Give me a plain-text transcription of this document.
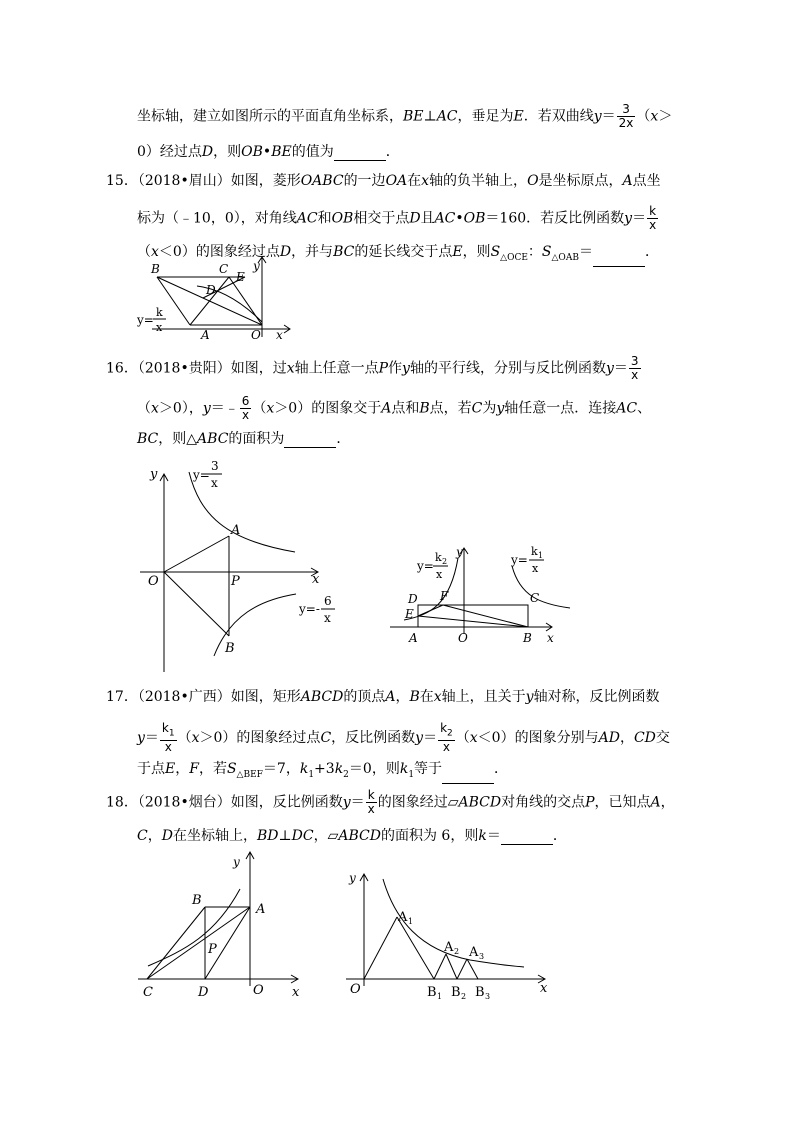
坐标轴，建立如图所示的平面直角坐标系，BE⊥AC，垂足为E．若双曲线$y= \frac{3}{2x} (x>$
0）经过点D，则OB•BE的值为	．
15．（2018•眉山）如图，菱形OABC的一边OA在x轴的负半轴上，O是坐标原点，A点坐
标为（﹣10，0），对角线AC和OB相交于点D且AC•OB＝160．若反比例函数$y= \frac{k}{x}$
（x＜0）的图象经过点D，并与BC的延长线交于点E，则$S_{\triangle OCE}$：$S_{\triangle OAB}=$	．
B	C
E
D
y
A	O x
y=
k
x
16．（2018•贵阳）如图，过x轴上任意一点P作y轴的平行线，分别与反比例函数$y= \frac{3}{x}$
（x＞0），y＝﹣ $\frac{6}{x} (x>0)$的图象交于A点和B点，若C为y轴任意一点．连接AC、
BC，则△ABC的面积为	．
y
x
O
A
P
B
y=
3
x
y=-
6
x
y=
k 2
x
y=
k 1
x
y
D F
E
C
A	O	B x
17．（2018•广西）如图，矩形ABCD的顶点A，B在x轴上，且关于y轴对称，反比例函数
$y= \frac{k_1}{x} (x>0)$的图象经过点C，反比例函数$y= \frac{k_2}{x} (x<0)$的图象分别与AD，CD交
于点E，F，若$S_{\triangle BEF}=7$，$k_1+3k_2=0$，则$k_1$等于	．
18．（2018•烟台）如图，反比例函数$y= \frac{k}{x}$ 的图象经过▱ABCD对角线的交点P，已知点A，
C，D在坐标轴上，BD⊥DC，▱ABCD的面积为 6，则k＝	．
y
B
A
P
C	D	O x
y
A 1
A 2 A 3
O	B 1 B 2 B 3
x
